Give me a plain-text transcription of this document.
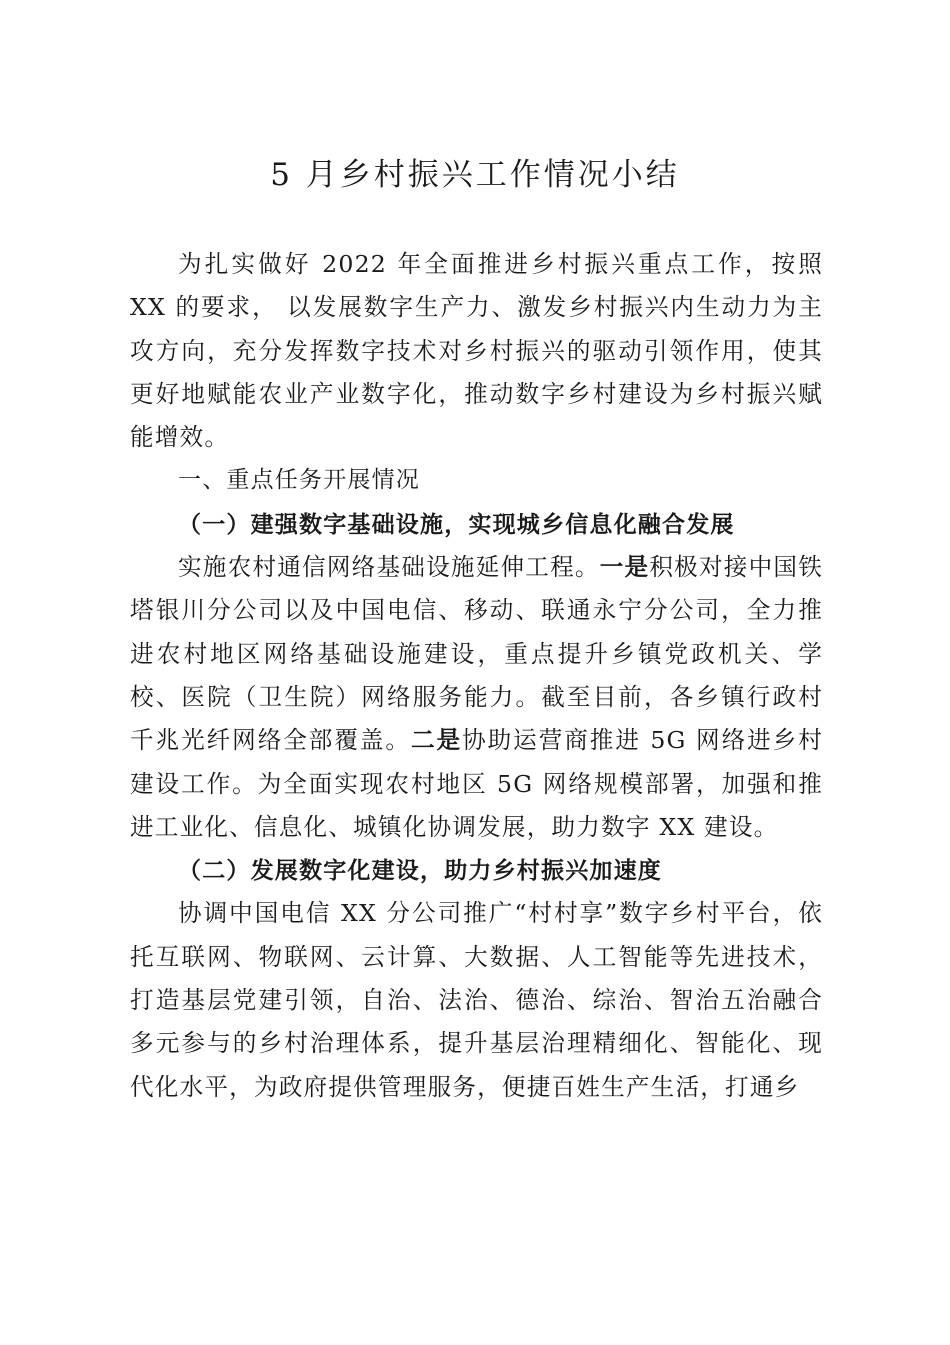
5 月乡村振兴工作情况小结

为扎实做好 2022 年全面推进乡村振兴重点工作，按照 XX 的要求， 以发展数字生产力、激发乡村振兴内生动力为主攻方向，充分发挥数字技术对乡村振兴的驱动引领作用，使其更好地赋能农业产业数字化，推动数字乡村建设为乡村振兴赋能增效。

一、重点任务开展情况

（一）建强数字基础设施，实现城乡信息化融合发展

实施农村通信网络基础设施延伸工程。一是积极对接中国铁塔银川分公司以及中国电信、移动、联通永宁分公司，全力推进农村地区网络基础设施建设，重点提升乡镇党政机关、学校、医院（卫生院）网络服务能力。截至目前，各乡镇行政村千兆光纤网络全部覆盖。二是协助运营商推进 5G 网络进乡村建设工作。为全面实现农村地区 5G 网络规模部署，加强和推进工业化、信息化、城镇化协调发展，助力数字 XX 建设。

（二）发展数字化建设，助力乡村振兴加速度

协调中国电信 XX 分公司推广“村村享”数字乡村平台，依托互联网、物联网、云计算、大数据、人工智能等先进技术，打造基层党建引领，自治、法治、德治、综治、智治五治融合多元参与的乡村治理体系，提升基层治理精细化、智能化、现代化水平，为政府提供管理服务，便捷百姓生产生活，打通乡
